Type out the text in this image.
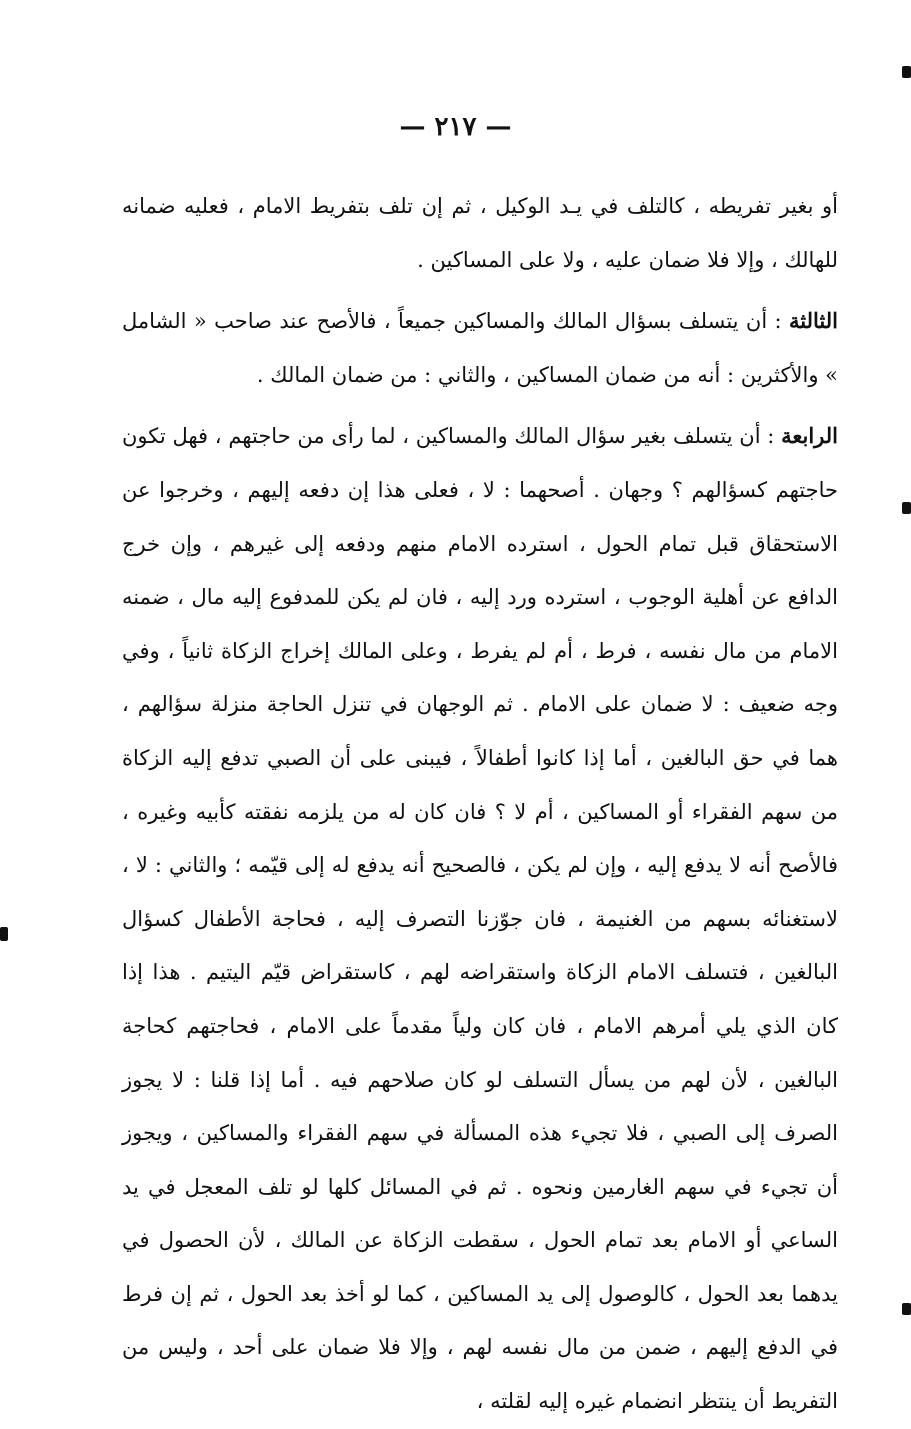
— ٢١٧ —

أو بغير تفريطه ، كالتلف في يـد الوكيل ، ثم إن تلف بتفريط الامام ، فعليه ضمانه للهالك ، وإلا فلا ضمان عليه ، ولا على المساكين .

الثالثة : أن يتسلف بسؤال المالك والمساكين جميعاً ، فالأصح عند صاحب « الشامل » والأكثرين : أنه من ضمان المساكين ، والثاني : من ضمان المالك .

الرابعة : أن يتسلف بغير سؤال المالك والمساكين ، لما رأى من حاجتهم ، فهل تكون حاجتهم كسؤالهم ؟ وجهان . أصحهما : لا ، فعلى هذا إن دفعه إليهم ، وخرجوا عن الاستحقاق قبل تمام الحول ، استرده الامام منهم ودفعه إلى غيرهم ، وإن خرج الدافع عن أهلية الوجوب ، استرده ورد إليه ، فان لم يكن للمدفوع إليه مال ، ضمنه الامام من مال نفسه ، فرط ، أم لم يفرط ، وعلى المالك إخراج الزكاة ثانياً ، وفي وجه ضعيف : لا ضمان على الامام . ثم الوجهان في تنزل الحاجة منزلة سؤالهم ، هما في حق البالغين ، أما إذا كانوا أطفالاً ، فيبنى على أن الصبي تدفع إليه الزكاة من سهم الفقراء أو المساكين ، أم لا ؟ فان كان له من يلزمه نفقته كأبيه وغيره ، فالأصح أنه لا يدفع إليه ، وإن لم يكن ، فالصحيح أنه يدفع له إلى قيّمه ؛ والثاني : لا ، لاستغنائه بسهم من الغنيمة ، فان جوّزنا التصرف إليه ، فحاجة الأطفال كسؤال البالغين ، فتسلف الامام الزكاة واستقراضه لهم ، كاستقراض قيّم اليتيم . هذا إذا كان الذي يلي أمرهم الامام ، فان كان ولياً مقدماً على الامام ، فحاجتهم كحاجة البالغين ، لأن لهم من يسأل التسلف لو كان صلاحهم فيه . أما إذا قلنا : لا يجوز الصرف إلى الصبي ، فلا تجيء هذه المسألة في سهم الفقراء والمساكين ، ويجوز أن تجيء في سهم الغارمين ونحوه . ثم في المسائل كلها لو تلف المعجل في يد الساعي أو الامام بعد تمام الحول ، سقطت الزكاة عن المالك ، لأن الحصول في يدهما بعد الحول ، كالوصول إلى يد المساكين ، كما لو أخذ بعد الحول ، ثم إن فرط في الدفع إليهم ، ضمن من مال نفسه لهم ، وإلا فلا ضمان على أحد ، وليس من التفريط أن ينتظر انضمام غيره إليه لقلته ،
